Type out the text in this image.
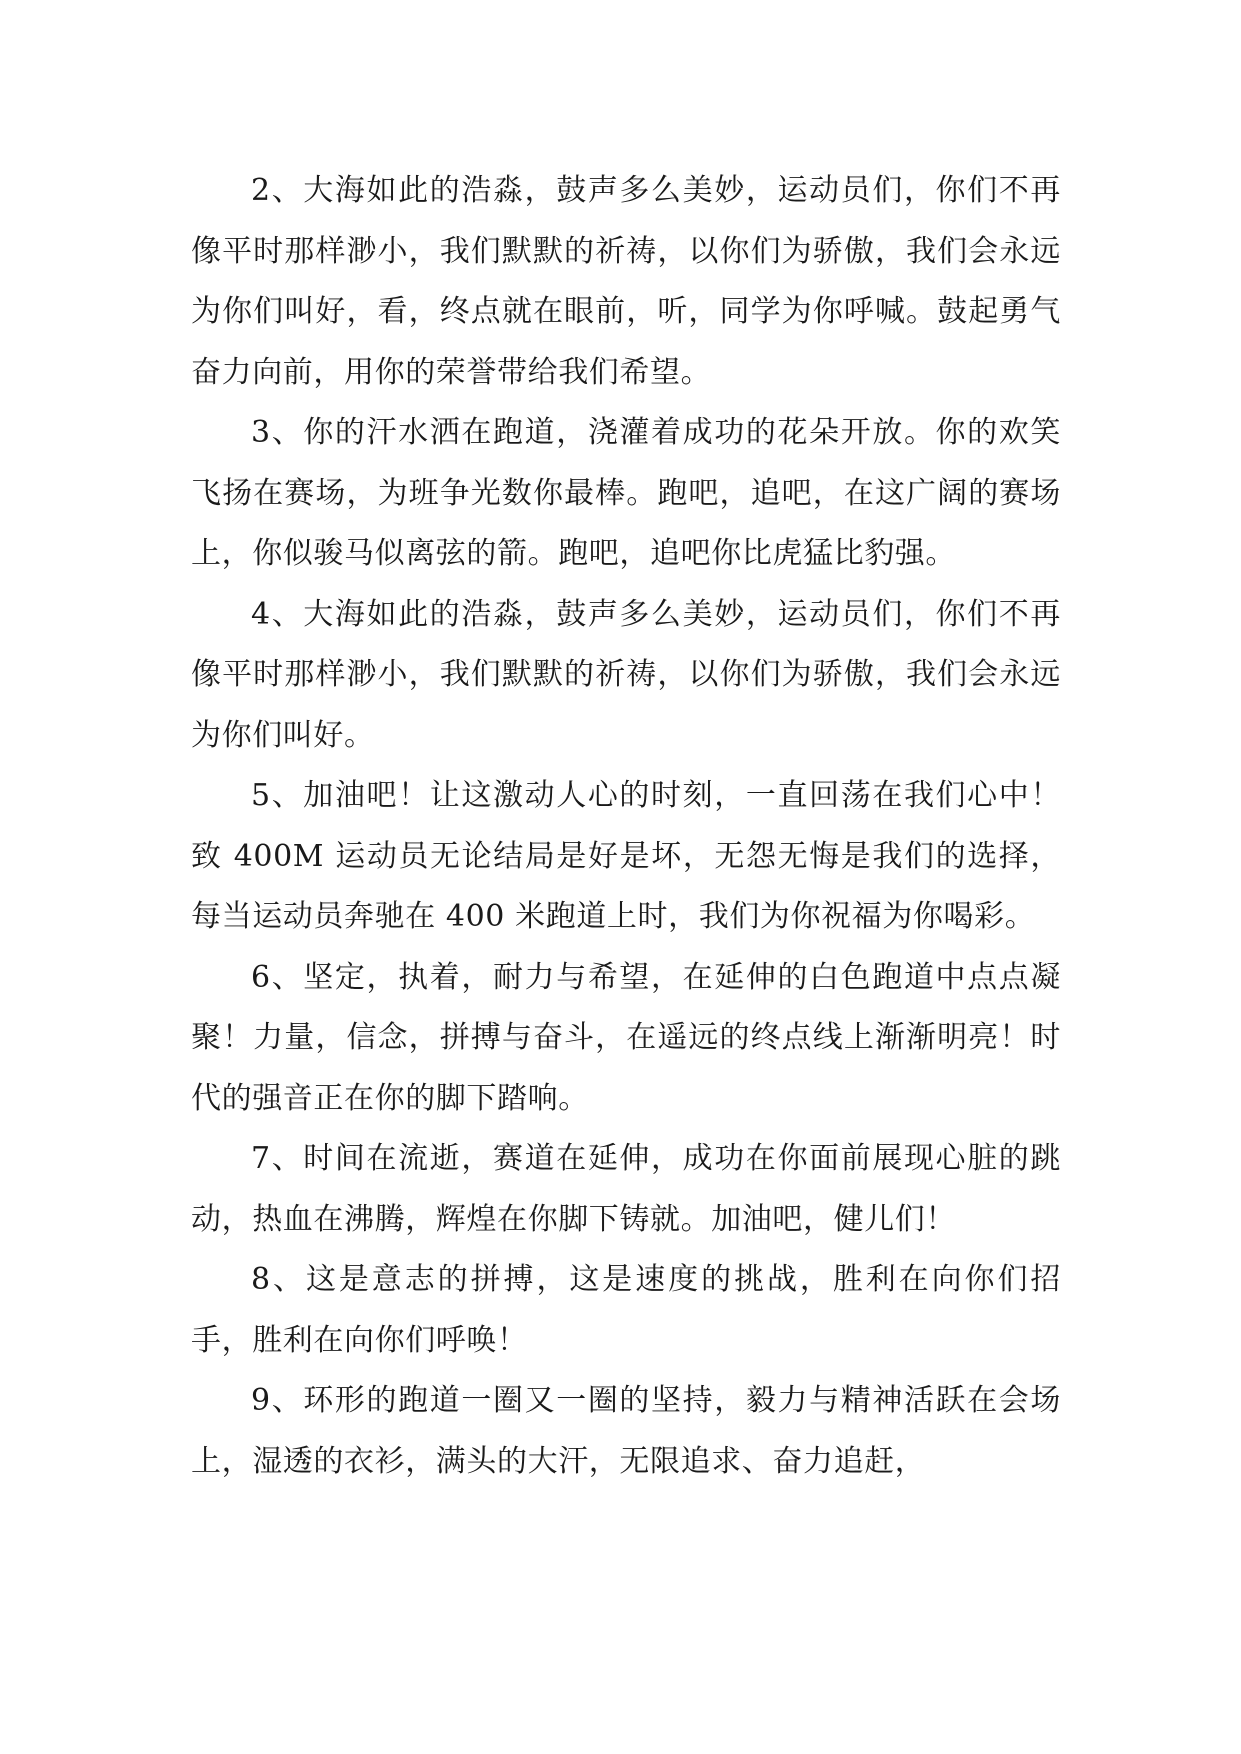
2、大海如此的浩淼，鼓声多么美妙，运动员们，你们不再像平时那样渺小，我们默默的祈祷，以你们为骄傲，我们会永远为你们叫好，看，终点就在眼前，听，同学为你呼喊。鼓起勇气奋力向前，用你的荣誉带给我们希望。

3、你的汗水洒在跑道，浇灌着成功的花朵开放。你的欢笑飞扬在赛场，为班争光数你最棒。跑吧，追吧，在这广阔的赛场上，你似骏马似离弦的箭。跑吧，追吧你比虎猛比豹强。

4、大海如此的浩淼，鼓声多么美妙，运动员们，你们不再像平时那样渺小，我们默默的祈祷，以你们为骄傲，我们会永远为你们叫好。

5、加油吧！让这激动人心的时刻，一直回荡在我们心中！致 400M 运动员无论结局是好是坏，无怨无悔是我们的选择，每当运动员奔驰在 400 米跑道上时，我们为你祝福为你喝彩。

6、坚定，执着，耐力与希望，在延伸的白色跑道中点点凝聚！力量，信念，拼搏与奋斗，在遥远的终点线上渐渐明亮！时代的强音正在你的脚下踏响。

7、时间在流逝，赛道在延伸，成功在你面前展现心脏的跳动，热血在沸腾，辉煌在你脚下铸就。加油吧，健儿们！

8、这是意志的拼搏，这是速度的挑战，胜利在向你们招手，胜利在向你们呼唤！

9、环形的跑道一圈又一圈的坚持，毅力与精神活跃在会场上，湿透的衣衫，满头的大汗，无限追求、奋力追赶，
